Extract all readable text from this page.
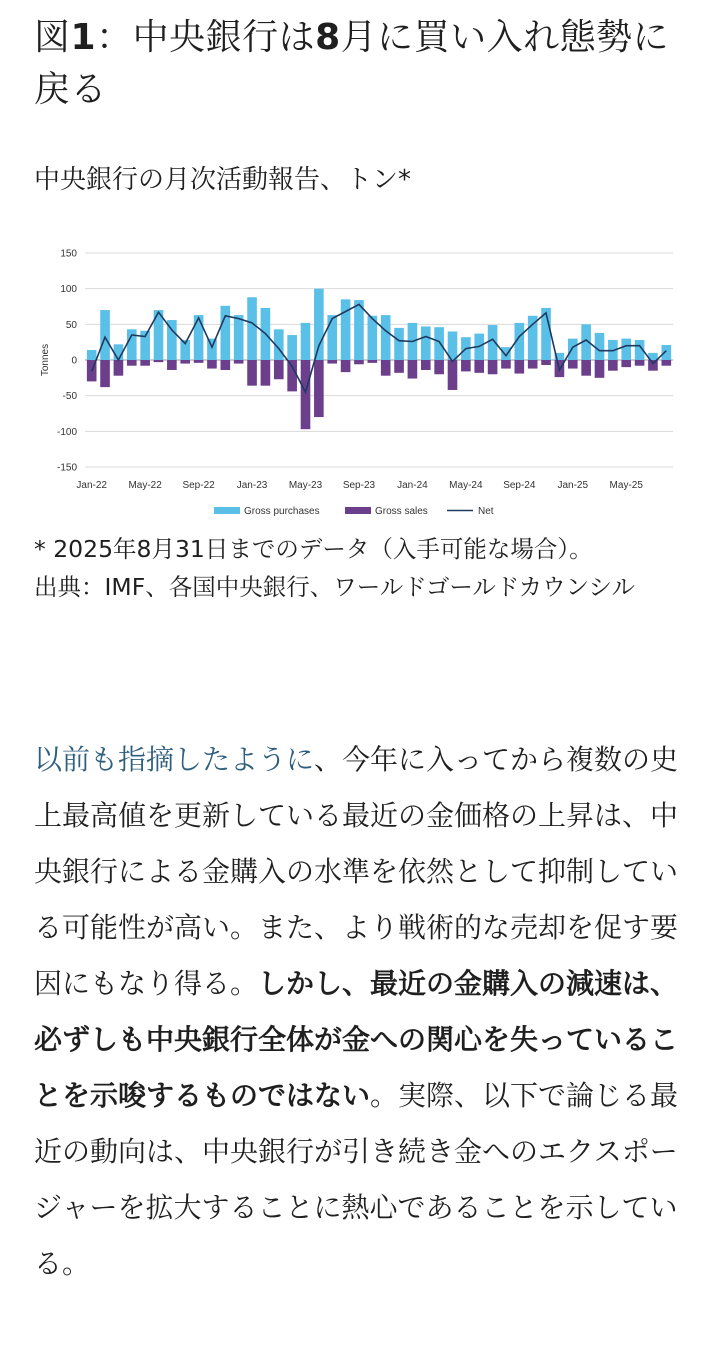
図1：中央銀行は8月に買い入れ態勢に戻る

中央銀行の月次活動報告、トン*

150
100
50
0
-50
-100
-150
Tonnes
Jan-22 May-22 Sep-22 Jan-23 May-23 Sep-23 Jan-24 May-24 Sep-24 Jan-25 May-25
Gross purchases	Gross sales	Net
* 2025年8月31日までのデータ（入手可能な場合）。
出典：IMF、各国中央銀行、ワールドゴールドカウンシル

以前も指摘したように、今年に入ってから複数の史上最高値を更新している最近の金価格の上昇は、中央銀行による金購入の水準を依然として抑制している可能性が高い。また、より戦術的な売却を促す要因にもなり得る。しかし、最近の金購入の減速は、必ずしも中央銀行全体が金への関心を失っていることを示唆するものではない。実際、以下で論じる最近の動向は、中央銀行が引き続き金へのエクスポージャーを拡大することに熱心であることを示している。
